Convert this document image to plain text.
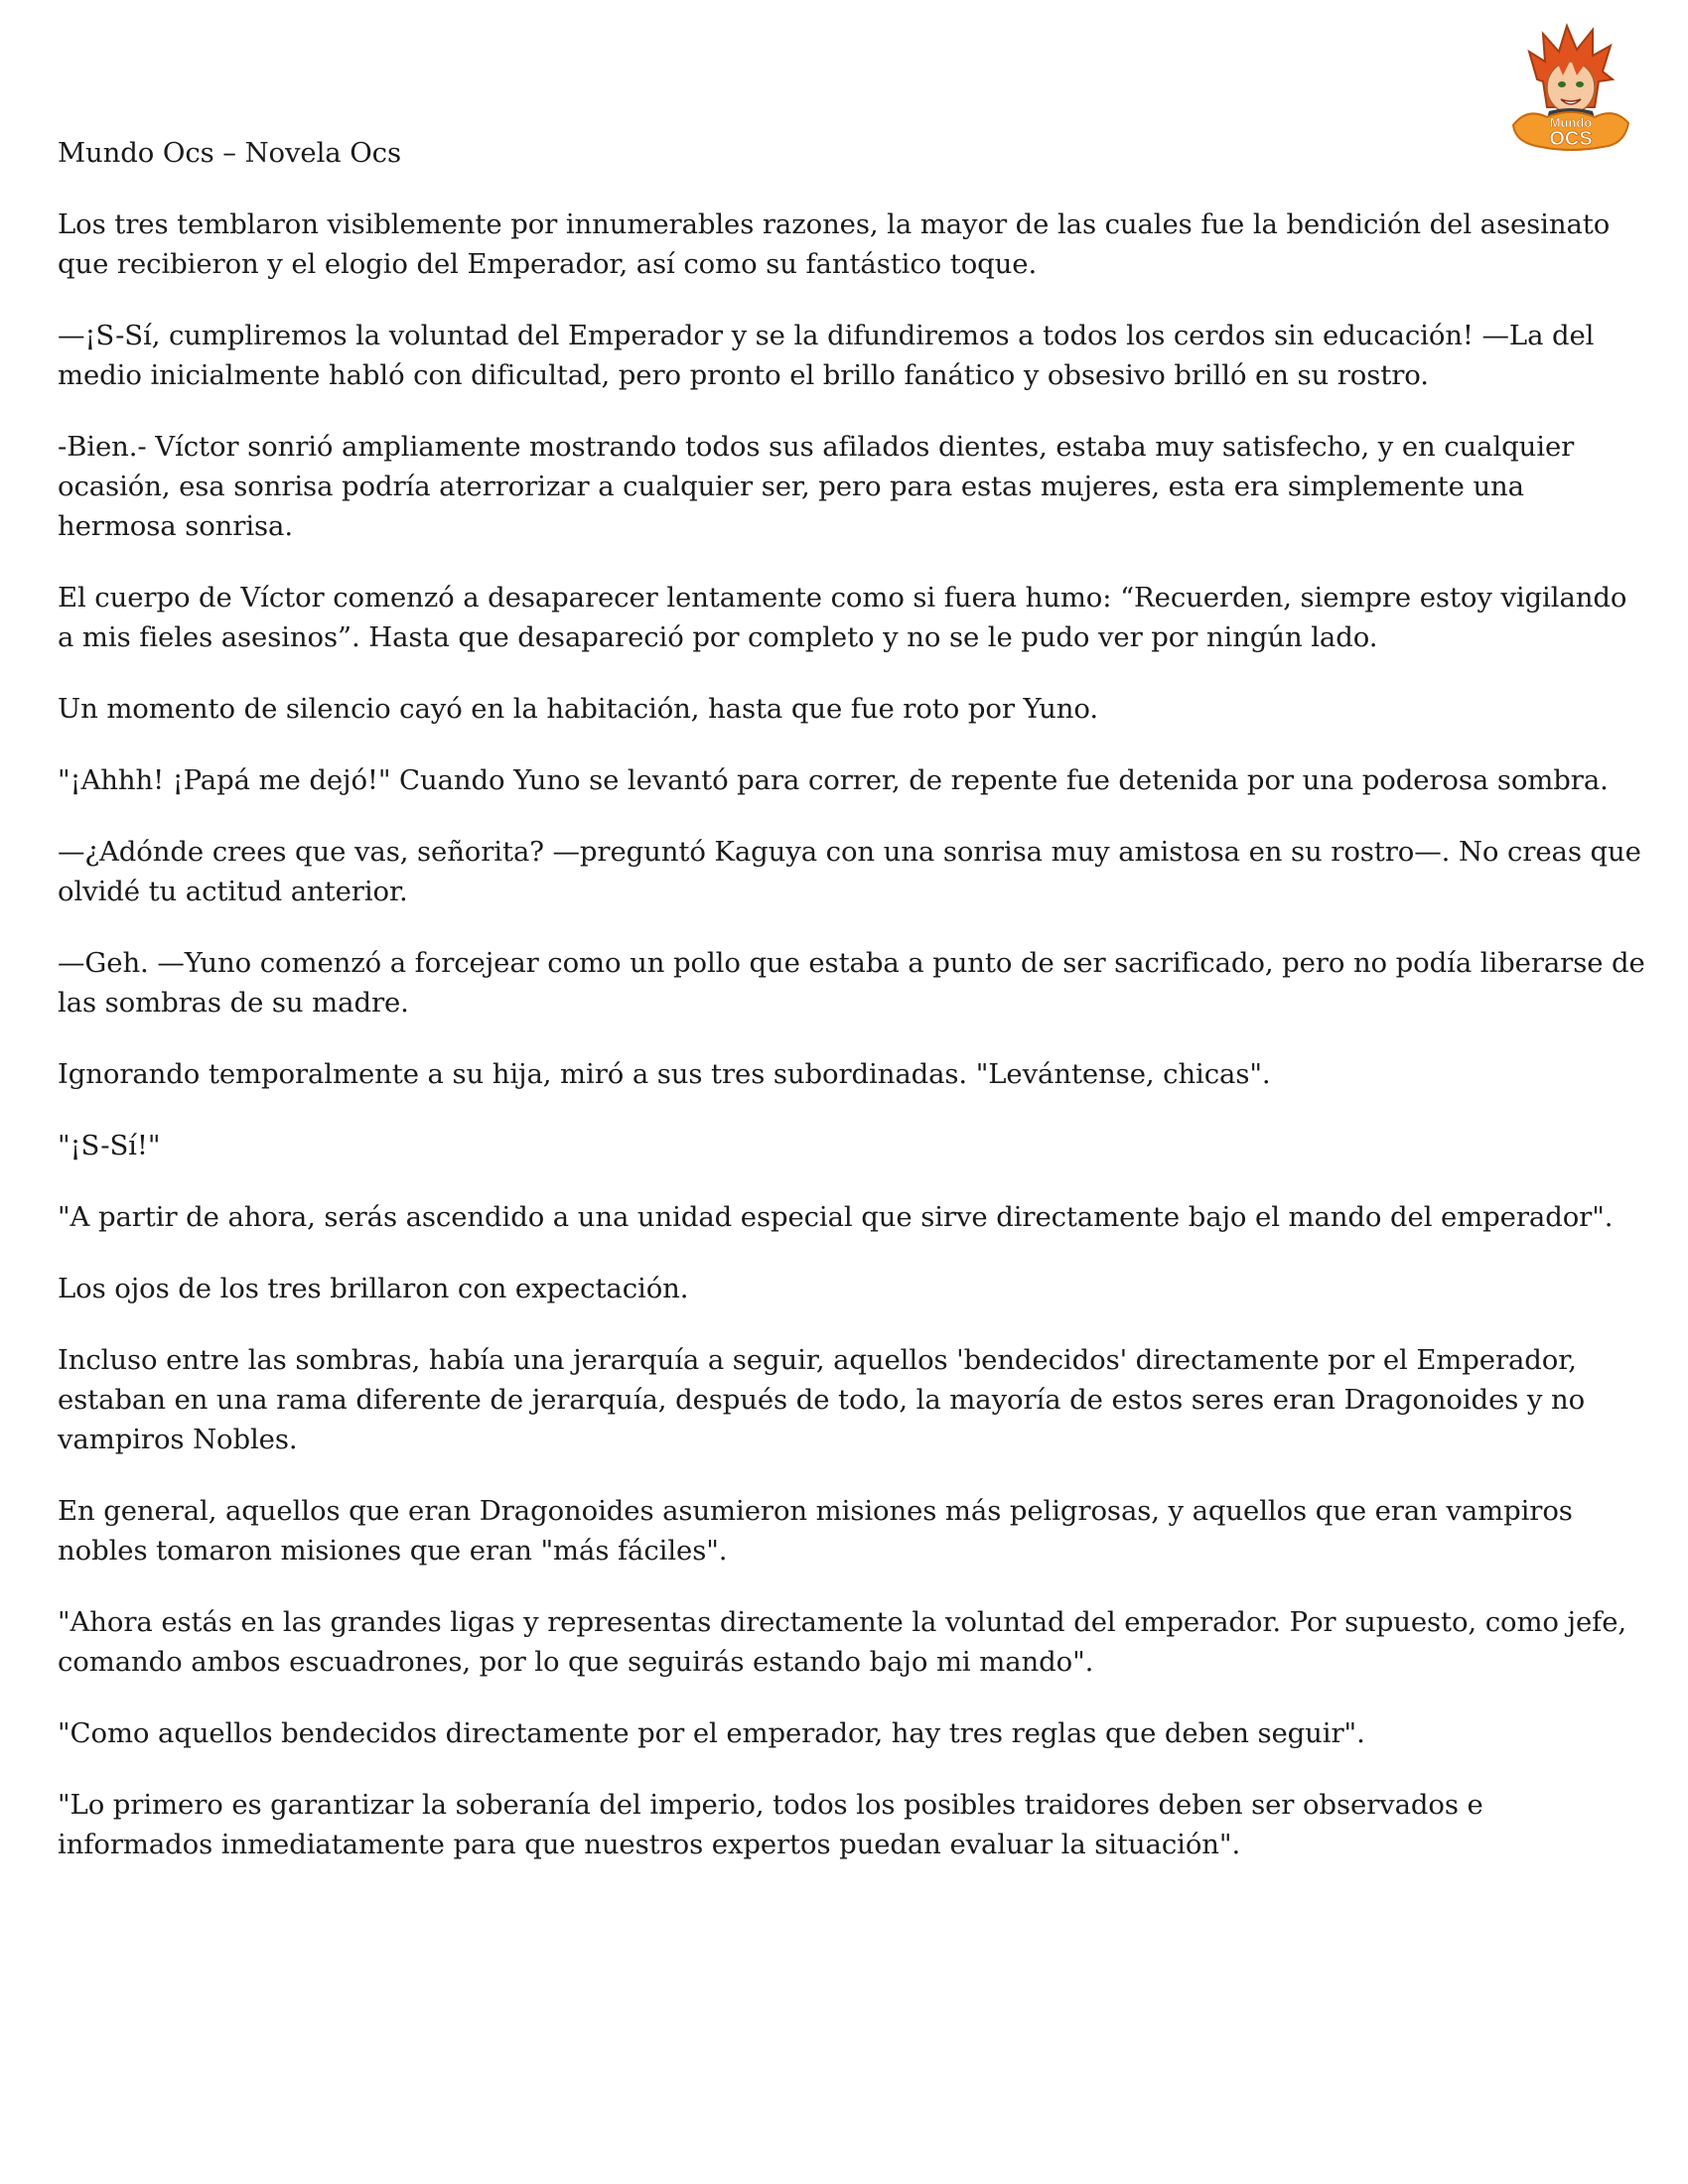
Mundo
OCS

Mundo Ocs – Novela Ocs

Los tres temblaron visiblemente por innumerables razones, la mayor de las cuales fue la bendición del asesinato que recibieron y el elogio del Emperador, así como su fantástico toque.

—¡S-Sí, cumpliremos la voluntad del Emperador y se la difundiremos a todos los cerdos sin educación! —La del medio inicialmente habló con dificultad, pero pronto el brillo fanático y obsesivo brilló en su rostro.

-Bien.- Víctor sonrió ampliamente mostrando todos sus afilados dientes, estaba muy satisfecho, y en cualquier ocasión, esa sonrisa podría aterrorizar a cualquier ser, pero para estas mujeres, esta era simplemente una hermosa sonrisa.

El cuerpo de Víctor comenzó a desaparecer lentamente como si fuera humo: “Recuerden, siempre estoy vigilando a mis fieles asesinos”. Hasta que desapareció por completo y no se le pudo ver por ningún lado.

Un momento de silencio cayó en la habitación, hasta que fue roto por Yuno.

"¡Ahhh! ¡Papá me dejó!" Cuando Yuno se levantó para correr, de repente fue detenida por una poderosa sombra.

—¿Adónde crees que vas, señorita? —preguntó Kaguya con una sonrisa muy amistosa en su rostro—. No creas que olvidé tu actitud anterior.

—Geh. —Yuno comenzó a forcejear como un pollo que estaba a punto de ser sacrificado, pero no podía liberarse de las sombras de su madre.

Ignorando temporalmente a su hija, miró a sus tres subordinadas. "Levántense, chicas".

"¡S-Sí!"

"A partir de ahora, serás ascendido a una unidad especial que sirve directamente bajo el mando del emperador".

Los ojos de los tres brillaron con expectación.

Incluso entre las sombras, había una jerarquía a seguir, aquellos 'bendecidos' directamente por el Emperador, estaban en una rama diferente de jerarquía, después de todo, la mayoría de estos seres eran Dragonoides y no vampiros Nobles.

En general, aquellos que eran Dragonoides asumieron misiones más peligrosas, y aquellos que eran vampiros nobles tomaron misiones que eran "más fáciles".

"Ahora estás en las grandes ligas y representas directamente la voluntad del emperador. Por supuesto, como jefe, comando ambos escuadrones, por lo que seguirás estando bajo mi mando".

"Como aquellos bendecidos directamente por el emperador, hay tres reglas que deben seguir".

"Lo primero es garantizar la soberanía del imperio, todos los posibles traidores deben ser observados e informados inmediatamente para que nuestros expertos puedan evaluar la situación".
